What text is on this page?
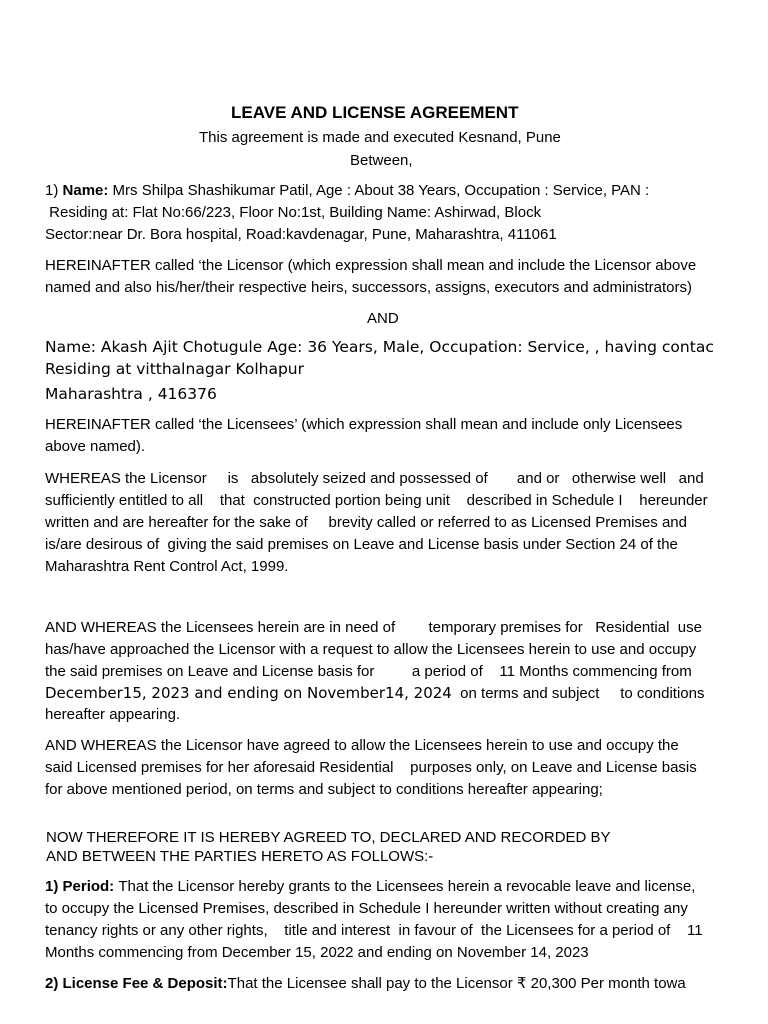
LEAVE AND LICENSE AGREEMENT
This agreement is made and executed Kesnand, Pune
Between,
1) Name: Mrs Shilpa Shashikumar Patil, Age : About 38 Years, Occupation : Service, PAN :
Residing at: Flat No:66/223, Floor No:1st, Building Name: Ashirwad, Block
Sector:near Dr. Bora hospital, Road:kavdenagar, Pune, Maharashtra, 411061
HEREINAFTER called ‘the Licensor (which expression shall mean and include the Licensor above
named and also his/her/their respective heirs, successors, assigns, executors and administrators)
AND
Name: Akash Ajit Chotugule Age: 36 Years, Male, Occupation: Service, , having contac
Residing at vitthalnagar Kolhapur
Maharashtra , 416376
HEREINAFTER called ‘the Licensees’ (which expression shall mean and include only Licensees
above named).
WHEREAS the Licensor     is   absolutely seized and possessed of       and or   otherwise well   and
sufficiently entitled to all    that  constructed portion being unit    described in Schedule I    hereunder
written and are hereafter for the sake of     brevity called or referred to as Licensed Premises and
is/are desirous of  giving the said premises on Leave and License basis under Section 24 of the
Maharashtra Rent Control Act, 1999.
AND WHEREAS the Licensees herein are in need of        temporary premises for   Residential  use
has/have approached the Licensor with a request to allow the Licensees herein to use and occupy
the said premises on Leave and License basis for         a period of    11 Months commencing from
December15, 2023 and ending on November14, 2024  on terms and subject     to conditions
hereafter appearing.
AND WHEREAS the Licensor have agreed to allow the Licensees herein to use and occupy the
said Licensed premises for her aforesaid Residential    purposes only, on Leave and License basis
for above mentioned period, on terms and subject to conditions hereafter appearing;
NOW THEREFORE IT IS HEREBY AGREED TO, DECLARED AND RECORDED BY
AND BETWEEN THE PARTIES HERETO AS FOLLOWS:-
1) Period: That the Licensor hereby grants to the Licensees herein a revocable leave and license,
to occupy the Licensed Premises, described in Schedule I hereunder written without creating any
tenancy rights or any other rights,    title and interest  in favour of  the Licensees for a period of    11
Months commencing from December 15, 2022 and ending on November 14, 2023
2) License Fee & Deposit:That the Licensee shall pay to the Licensor ₹ 20,300 Per month towa
